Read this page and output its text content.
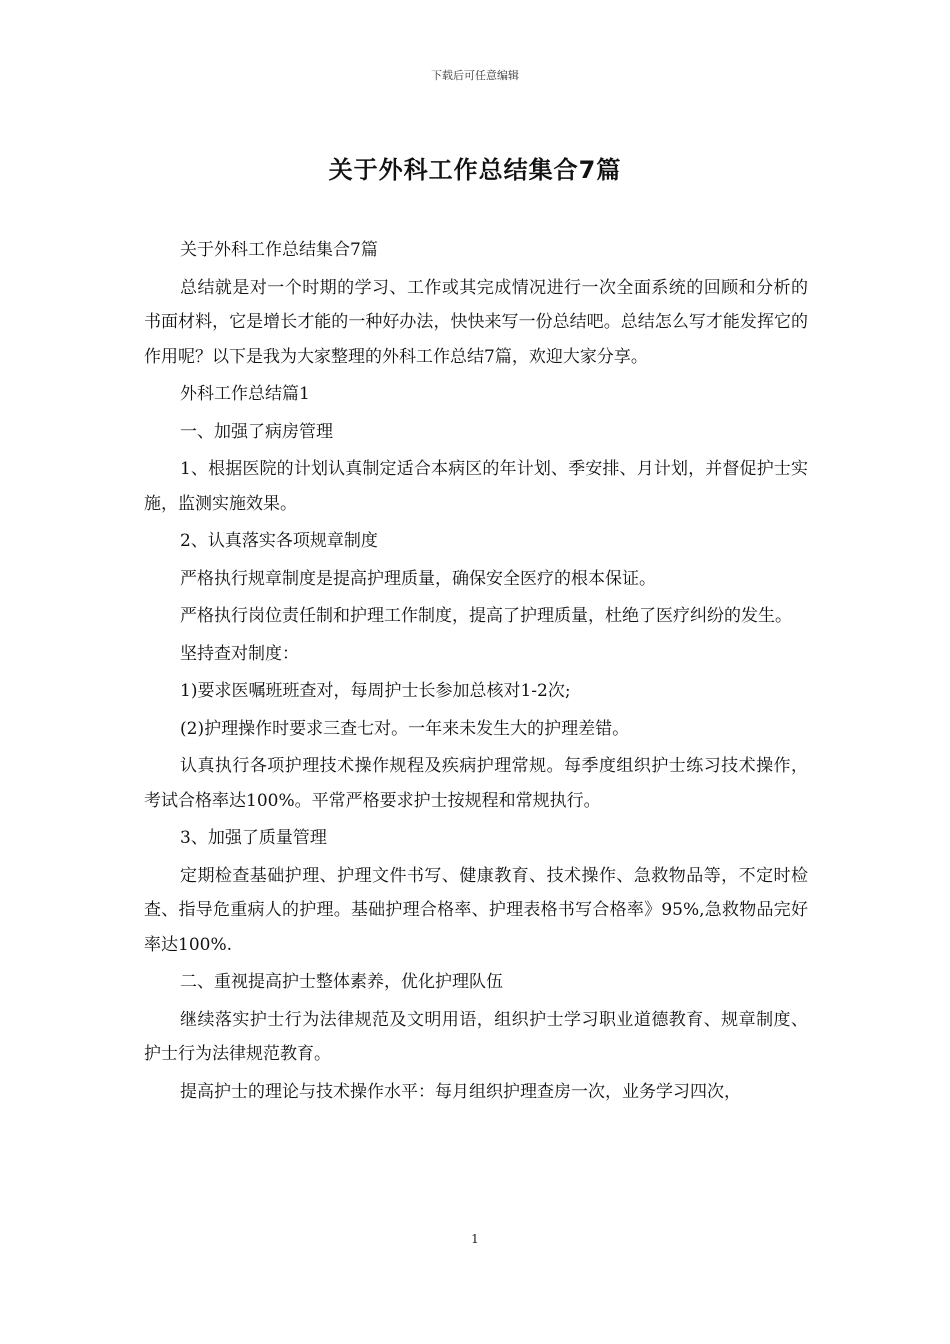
下载后可任意编辑
关于外科工作总结集合7篇

关于外科工作总结集合7篇

总结就是对一个时期的学习、工作或其完成情况进行一次全面系统的回顾和分析的书面材料，它是增长才能的一种好办法，快快来写一份总结吧。总结怎么写才能发挥它的作用呢？以下是我为大家整理的外科工作总结7篇，欢迎大家分享。

外科工作总结篇1

一、加强了病房管理

1、根据医院的计划认真制定适合本病区的年计划、季安排、月计划，并督促护士实施，监测实施效果。

2、认真落实各项规章制度

严格执行规章制度是提高护理质量，确保安全医疗的根本保证。

严格执行岗位责任制和护理工作制度，提高了护理质量，杜绝了医疗纠纷的发生。

坚持查对制度：

1)要求医嘱班班查对，每周护士长参加总核对1-2次;

(2)护理操作时要求三查七对。一年来未发生大的护理差错。

认真执行各项护理技术操作规程及疾病护理常规。每季度组织护士练习技术操作，考试合格率达100%。平常严格要求护士按规程和常规执行。

3、加强了质量管理

定期检查基础护理、护理文件书写、健康教育、技术操作、急救物品等，不定时检查、指导危重病人的护理。基础护理合格率、护理表格书写合格率》95%,急救物品完好率达100%.

二、重视提高护士整体素养，优化护理队伍

继续落实护士行为法律规范及文明用语，组织护士学习职业道德教育、规章制度、护士行为法律规范教育。

提高护士的理论与技术操作水平：每月组织护理查房一次，业务学习四次，

1
